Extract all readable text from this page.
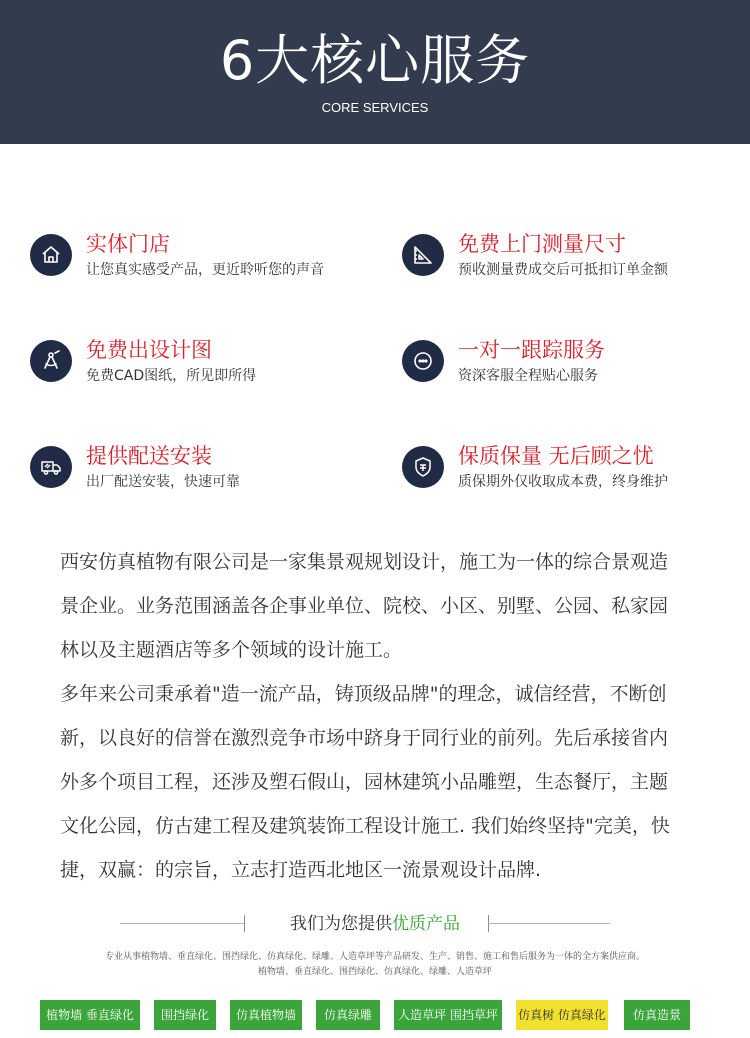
6大核心服务
CORE SERVICES
实体门店
让您真实感受产品，更近聆听您的声音
免费上门测量尺寸
预收测量费成交后可抵扣订单金额
免费出设计图
免费CAD图纸，所见即所得
一对一跟踪服务
资深客服全程贴心服务
提供配送安装
出厂配送安装，快速可靠
保质保量 无后顾之忧
质保期外仅收取成本费，终身维护

西安仿真植物有限公司是一家集景观规划设计，施工为一体的综合景观造

景企业。业务范围涵盖各企事业单位、院校、小区、别墅、公园、私家园

林以及主题酒店等多个领域的设计施工。

多年来公司秉承着"造一流产品，铸顶级品牌"的理念，诚信经营，不断创

新，以良好的信誉在激烈竞争市场中跻身于同行业的前列。先后承接省内

外多个项目工程，还涉及塑石假山，园林建筑小品雕塑，生态餐厅，主题

文化公园，仿古建工程及建筑装饰工程设计施工. 我们始终坚持"完美，快

捷，双赢：的宗旨，立志打造西北地区一流景观设计品牌.

我们为您提供优质产品
专业从事植物墙、垂直绿化、围挡绿化、仿真绿化、绿雕、人造草坪等产品研发、生产、销售、施工和售后服务为一体的全方案供应商。
植物墙、垂直绿化、围挡绿化、仿真绿化、绿雕、人造草坪
植物墙 垂直绿化	围挡绿化	仿真植物墙	仿真绿雕	人造草坪 围挡草坪	仿真树 仿真绿化	仿真造景
